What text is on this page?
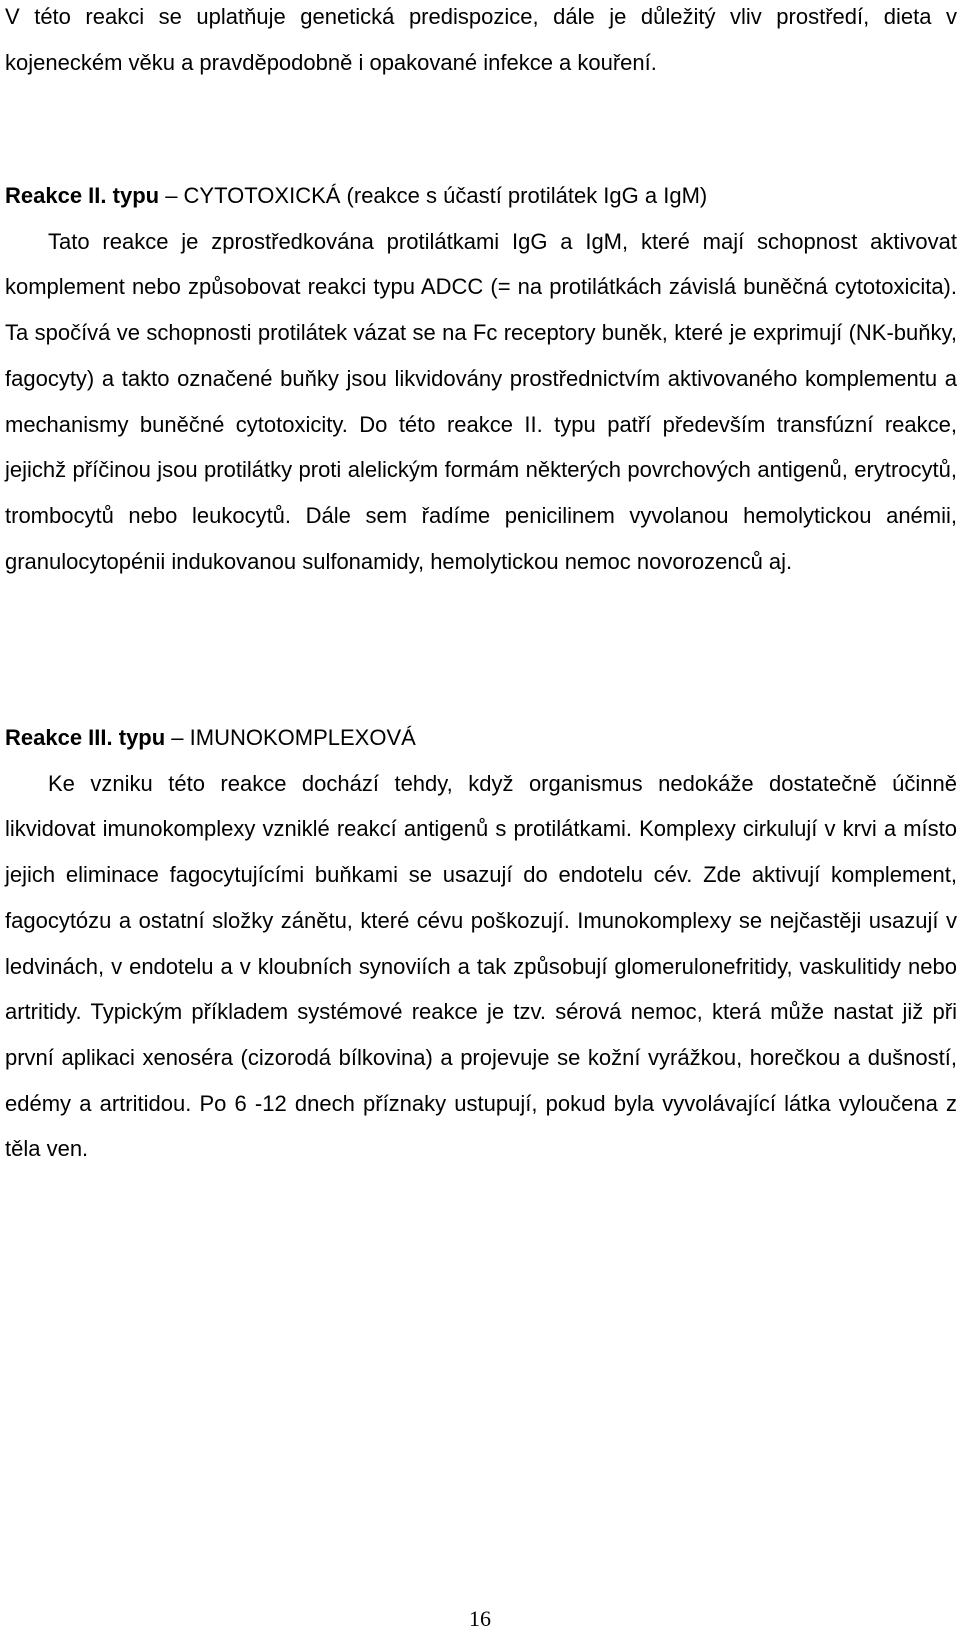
V této reakci se uplatňuje genetická predispozice, dále je důležitý vliv prostředí, dieta v kojeneckém věku a pravděpodobně i opakované infekce a kouření.

Reakce II. typu – CYTOTOXICKÁ (reakce s účastí protilátek IgG a IgM)

Tato reakce je zprostředkována protilátkami IgG a IgM, které mají schopnost aktivovat komplement nebo způsobovat reakci typu ADCC (= na protilátkách závislá buněčná cytotoxicita). Ta spočívá ve schopnosti protilátek vázat se na Fc receptory buněk, které je exprimují (NK-buňky, fagocyty) a takto označené buňky jsou likvidovány prostřednictvím aktivovaného komplementu a mechanismy buněčné cytotoxicity. Do této reakce II. typu patří především transfúzní reakce, jejichž příčinou jsou protilátky proti alelickým formám některých povrchových antigenů, erytrocytů, trombocytů nebo leukocytů. Dále sem řadíme penicilinem vyvolanou hemolytickou anémii, granulocytopénii indukovanou sulfonamidy, hemolytickou nemoc novorozenců aj.

Reakce III. typu – IMUNOKOMPLEXOVÁ

Ke vzniku této reakce dochází tehdy, když organismus nedokáže dostatečně účinně likvidovat imunokomplexy vzniklé reakcí antigenů s protilátkami. Komplexy cirkulují v krvi a místo jejich eliminace fagocytujícími buňkami se usazují do endotelu cév. Zde aktivují komplement, fagocytózu a ostatní složky zánětu, které cévu poškozují. Imunokomplexy se nejčastěji usazují v ledvinách, v endotelu a v kloubních synoviích a tak způsobují glomerulonefritidy, vaskulitidy nebo artritidy. Typickým příkladem systémové reakce je tzv. sérová nemoc, která může nastat již při první aplikaci xenoséra (cizorodá bílkovina) a projevuje se kožní vyrážkou, horečkou a dušností, edémy a artritidou. Po 6 -12 dnech příznaky ustupují, pokud byla vyvolávající látka vyloučena z těla ven.

16
